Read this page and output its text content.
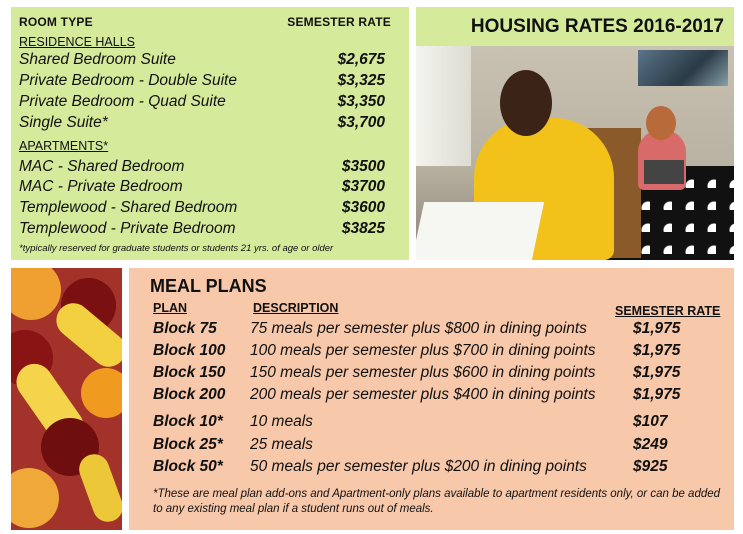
ROOM TYPE	SEMESTER RATE
RESIDENCE HALLS
Shared Bedroom Suite	$2,675
Private Bedroom - Double Suite	$3,325
Private Bedroom - Quad Suite	$3,350
Single Suite*	$3,700
APARTMENTS*
MAC - Shared Bedroom	$3500
MAC - Private Bedroom	$3700
Templewood - Shared Bedroom	$3600
Templewood - Private Bedroom	$3825
*typically reserved for graduate students or students 21 yrs. of age or older
HOUSING RATES 2016-2017
MEAL PLANS
PLAN	DESCRIPTION	SEMESTER RATE
Block 75 75 meals per semester plus $800 in dining points	$1,975
Block 100 100 meals per semester plus $700 in dining points $1,975
Block 150 150 meals per semester plus $600 in dining points $1,975
Block 200 200 meals per semester plus $400 in dining points $1,975
Block 10* 10 meals	$107
Block 25* 25 meals	$249
Block 50* 50 meals per semester plus $200 in dining points	$925
*These are meal plan add-ons and Apartment-only plans available to apartment residents only, or can be added to any existing meal plan if a student runs out of meals.
